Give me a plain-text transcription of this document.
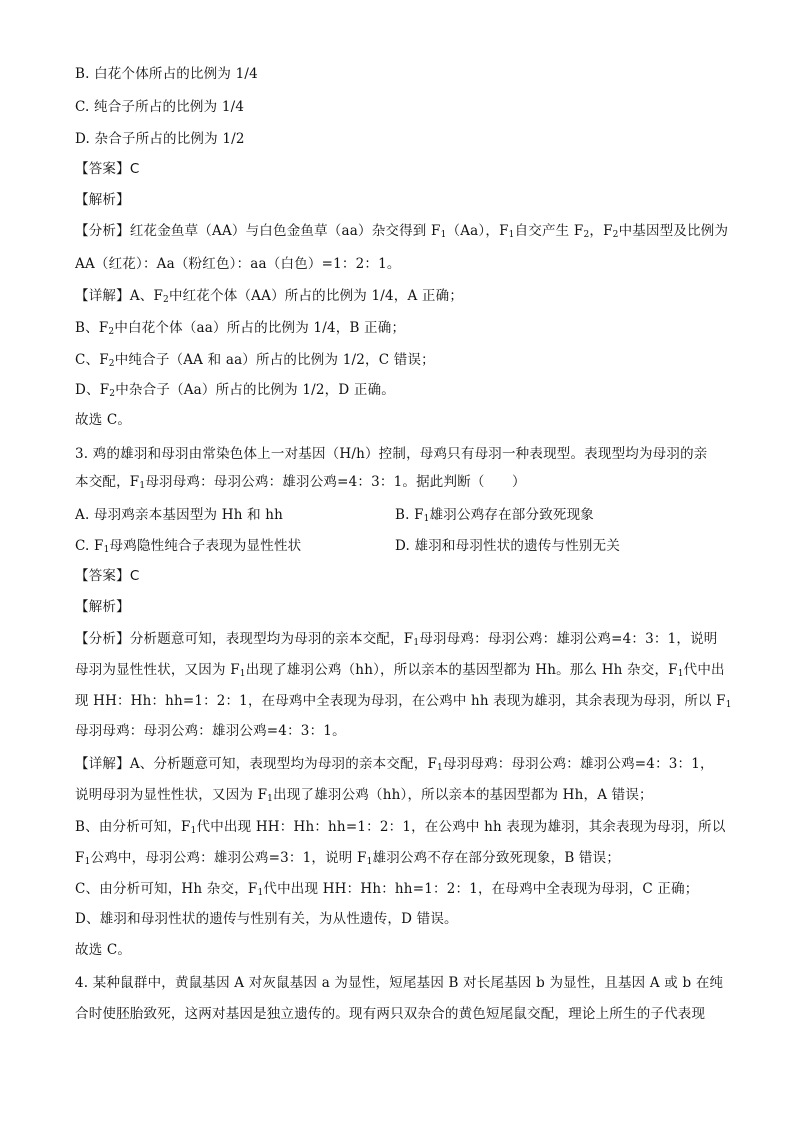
B. 白花个体所占的比例为 1/4
C. 纯合子所占的比例为 1/4
D. 杂合子所占的比例为 1/2
【答案】C
【解析】
【分析】红花金鱼草（AA）与白色金鱼草（aa）杂交得到 $F_1(Aa)$，$F_1$自交产生 $F_2$，$F_2$中基因型及比例为
AA（红花）：Aa（粉红色）：aa（白色）=1：2：1。
【详解】A、$F_2$中红花个体（AA）所占的比例为 1/4，A 正确；
B、$F_2$中白花个体（aa）所占的比例为 1/4，B 正确；
C、$F_2$中纯合子（AA 和 aa）所占的比例为 1/2，C 错误；
D、$F_2$中杂合子（Aa）所占的比例为 1/2，D 正确。
故选 C。
3. 鸡的雄羽和母羽由常染色体上一对基因（H/h）控制，母鸡只有母羽一种表现型。表现型均为母羽的亲
本交配，$F_1$母羽母鸡：母羽公鸡：雄羽公鸡=4：3：1。据此判断（　　）
A. 母羽鸡亲本基因型为 Hh 和 hh	B. $F_1$雄羽公鸡存在部分致死现象
C. $F_1$母鸡隐性纯合子表现为显性性状	D. 雄羽和母羽性状的遗传与性别无关
【答案】C
【解析】
【分析】分析题意可知，表现型均为母羽的亲本交配，$F_1$母羽母鸡：母羽公鸡：雄羽公鸡=4：3：1，说明
母羽为显性性状，又因为 $F_1$出现了雄羽公鸡（hh），所以亲本的基因型都为 Hh。那么 Hh 杂交，$F_1$代中出
现 HH：Hh：hh=1：2：1，在母鸡中全表现为母羽，在公鸡中 hh 表现为雄羽，其余表现为母羽，所以 $F_1$
母羽母鸡：母羽公鸡：雄羽公鸡=4：3：1。
【详解】A、分析题意可知，表现型均为母羽的亲本交配，$F_1$母羽母鸡：母羽公鸡：雄羽公鸡=4：3：1，
说明母羽为显性性状，又因为 $F_1$出现了雄羽公鸡（hh），所以亲本的基因型都为 Hh，A 错误；
B、由分析可知，$F_1$代中出现 HH：Hh：hh=1：2：1，在公鸡中 hh 表现为雄羽，其余表现为母羽，所以
$F_1$公鸡中，母羽公鸡：雄羽公鸡=3：1，说明 $F_1$雄羽公鸡不存在部分致死现象，B 错误；
C、由分析可知，Hh 杂交，$F_1$代中出现 HH：Hh：hh=1：2：1，在母鸡中全表现为母羽，C 正确；
D、雄羽和母羽性状的遗传与性别有关，为从性遗传，D 错误。
故选 C。
4. 某种鼠群中，黄鼠基因 A 对灰鼠基因 a 为显性，短尾基因 B 对长尾基因 b 为显性，且基因 A 或 b 在纯
合时使胚胎致死，这两对基因是独立遗传的。现有两只双杂合的黄色短尾鼠交配，理论上所生的子代表现
